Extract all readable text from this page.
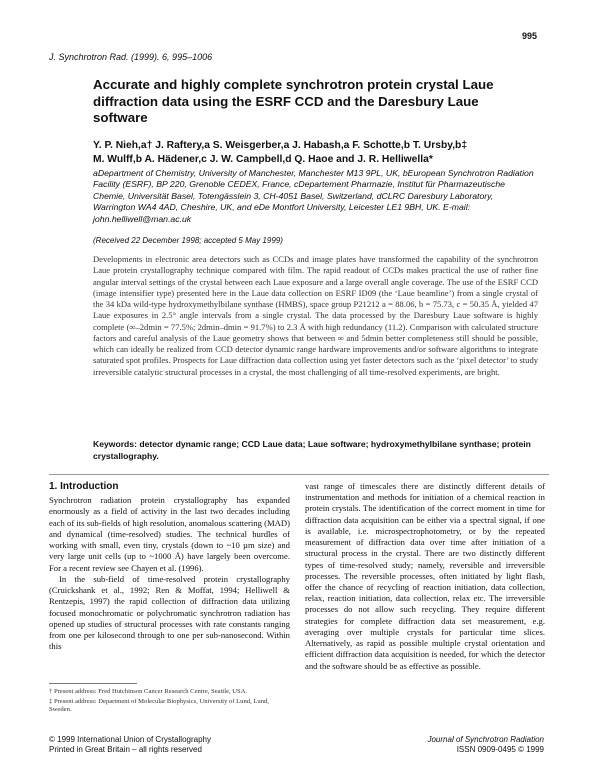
995
J. Synchrotron Rad. (1999). 6, 995–1006
Accurate and highly complete synchrotron protein crystal Laue diffraction data using the ESRF CCD and the Daresbury Laue software
Y. P. Nieh,a† J. Raftery,a S. Weisgerber,a J. Habash,a F. Schotte,b T. Ursby,b‡
M. Wulff,b A. Hädener,c J. W. Campbell,d Q. Haoe and J. R. Helliwella*
aDepartment of Chemistry, University of Manchester, Manchester M13 9PL, UK, bEuropean Synchrotron Radiation Facility (ESRF), BP 220, Grenoble CEDEX, France, cDepartement Pharmazie, Institut für Pharmazeutische Chemie, Universität Basel, Totengässlein 3, CH-4051 Basel, Switzerland, dCLRC Daresbury Laboratory, Warrington WA4 4AD, Cheshire, UK, and eDe Montfort University, Leicester LE1 9BH, UK. E-mail: john.helliwell@man.ac.uk
(Received 22 December 1998; accepted 5 May 1999)
Developments in electronic area detectors such as CCDs and image plates have transformed the capability of the synchrotron Laue protein crystallography technique compared with film. The rapid readout of CCDs makes practical the use of rather fine angular interval settings of the crystal between each Laue exposure and a large overall angle coverage. The use of the ESRF CCD (image intensifier type) presented here in the Laue data collection on ESRF ID09 (the ‘Laue beamline’) from a single crystal of the 34 kDa wild-type hydroxymethylbilane synthase (HMBS), space group P21212 a = 88.06, b = 75.73, c = 50.35 Å, yielded 47 Laue exposures in 2.5° angle intervals from a single crystal. The data processed by the Daresbury Laue software is highly complete (∞–2dmin = 77.5%; 2dmin–dmin = 91.7%) to 2.3 Å with high redundancy (11.2). Comparison with calculated structure factors and careful analysis of the Laue geometry shows that between ∞ and 5dmin better completeness still should be possible, which can ideally be realized from CCD detector dynamic range hardware improvements and/or software algorithms to integrate saturated spot profiles. Prospects for Laue diffraction data collection using yet faster detectors such as the ‘pixel detector’ to study irreversible catalytic structural processes in a crystal, the most challenging of all time-resolved experiments, are bright.
Keywords: detector dynamic range; CCD Laue data; Laue software; hydroxymethylbilane synthase; protein crystallography.
1. Introduction

Synchrotron radiation protein crystallography has expanded enormously as a field of activity in the last two decades including each of its sub-fields of high resolution, anomalous scattering (MAD) and dynamical (time-resolved) studies. The technical hurdles of working with small, even tiny, crystals (down to ~10 µm size) and very large unit cells (up to ~1000 Å) have largely been overcome. For a recent review see Chayen et al. (1996).

In the sub-field of time-resolved protein crystallography (Cruickshank et al., 1992; Ren & Moffat, 1994; Helliwell & Rentzepis, 1997) the rapid collection of diffraction data utilizing focused monochromatic or polychromatic synchrotron radiation has opened up studies of structural processes with rate constants ranging from one per kilosecond through to one per sub-nanosecond. Within this

vast range of timescales there are distinctly different details of instrumentation and methods for initiation of a chemical reaction in protein crystals. The identification of the correct moment in time for diffraction data acquisition can be either via a spectral signal, if one is available, i.e. microspectrophotometry, or by the repeated measurement of diffraction data over time after initiation of a structural process in the crystal. There are two distinctly different types of time-resolved study; namely, reversible and irreversible processes. The reversible processes, often initiated by light flash, offer the chance of recycling of reaction initiation, data collection, relax, reaction initiation, data collection, relax etc. The irreversible processes do not allow such recycling. They require different strategies for complete diffraction data set measurement, e.g. averaging over multiple crystals for particular time slices. Alternatively, as rapid as possible multiple crystal orientation and efficient diffraction data acquisition is needed, for which the detector and the software should be as effective as possible.

† Present address: Fred Hutchinson Cancer Research Centre, Seattle, USA.

‡ Present address: Department of Molecular Biophysics, University of Lund, Lund, Sweden.

© 1999 International Union of Crystallography
Printed in Great Britain – all rights reserved
Journal of Synchrotron Radiation
ISSN 0909-0495 © 1999
